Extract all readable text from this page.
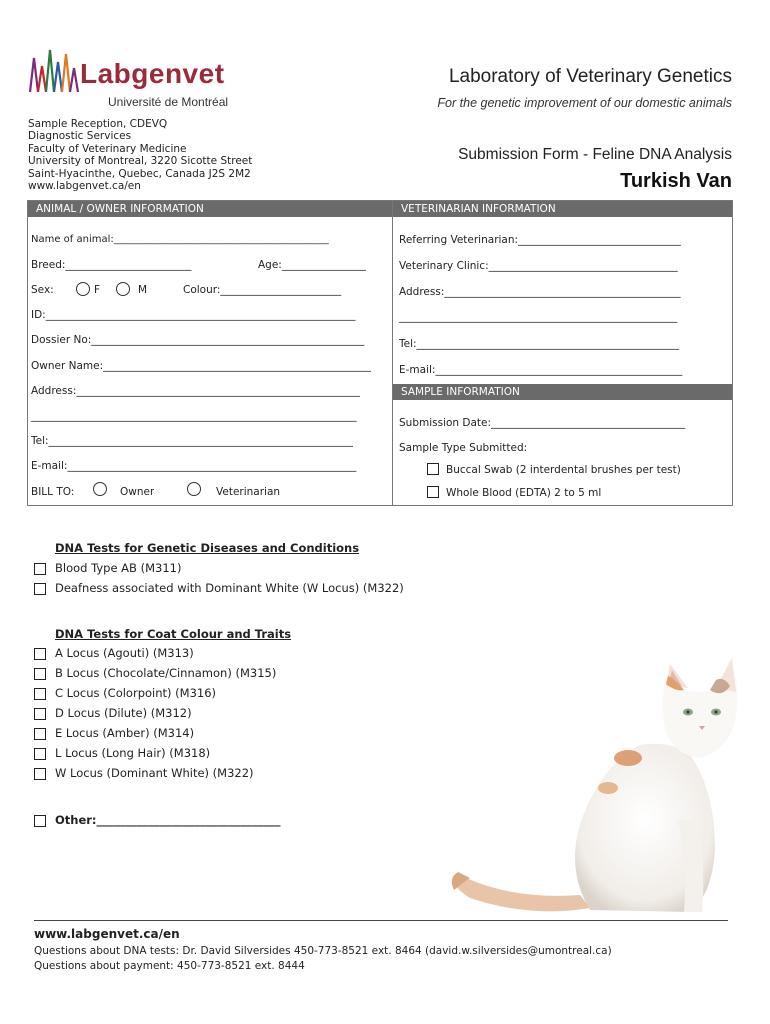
Labgenvet
Université de Montréal
Laboratory of Veterinary Genetics
For the genetic improvement of our domestic animals
Sample Reception, CDEVQ
Diagnostic Services
Faculty of Veterinary Medicine
University of Montreal, 3220 Sicotte Street
Saint-Hyacinthe, Quebec, Canada J2S 2M2
www.labgenvet.ca/en
Submission Form - Feline DNA Analysis
Turkish Van
ANIMAL / OWNER INFORMATION
Name of animal:___________________________________________
Breed:________________________	Age:________________
Sex:	F	M	Colour:_______________________
ID:___________________________________________________________
Dossier No:____________________________________________________
Owner Name:___________________________________________________
Address:______________________________________________________
______________________________________________________________
Tel:__________________________________________________________
E-mail:_______________________________________________________
BILL TO:	Owner	Veterinarian
VETERINARIAN INFORMATION
Referring Veterinarian:_______________________________
Veterinary Clinic:____________________________________
Address:_____________________________________________
_____________________________________________________
Tel:__________________________________________________
E-mail:_______________________________________________
SAMPLE INFORMATION
Submission Date:_____________________________________
Sample Type Submitted:
Buccal Swab (2 interdental brushes per test)
Whole Blood (EDTA) 2 to 5 ml
DNA Tests for Genetic Diseases and Conditions
Blood Type AB (M311)
Deafness associated with Dominant White (W Locus) (M322)
DNA Tests for Coat Colour and Traits
A Locus (Agouti) (M313)
B Locus (Chocolate/Cinnamon) (M315)
C Locus (Colorpoint) (M316)
D Locus (Dilute) (M312)
E Locus (Amber) (M314)
L Locus (Long Hair) (M318)
W Locus (Dominant White) (M322)
Other:________________________________
www.labgenvet.ca/en
Questions about DNA tests: Dr. David Silversides 450-773-8521 ext. 8464 (david.w.silversides@umontreal.ca)
Questions about payment: 450-773-8521 ext. 8444
